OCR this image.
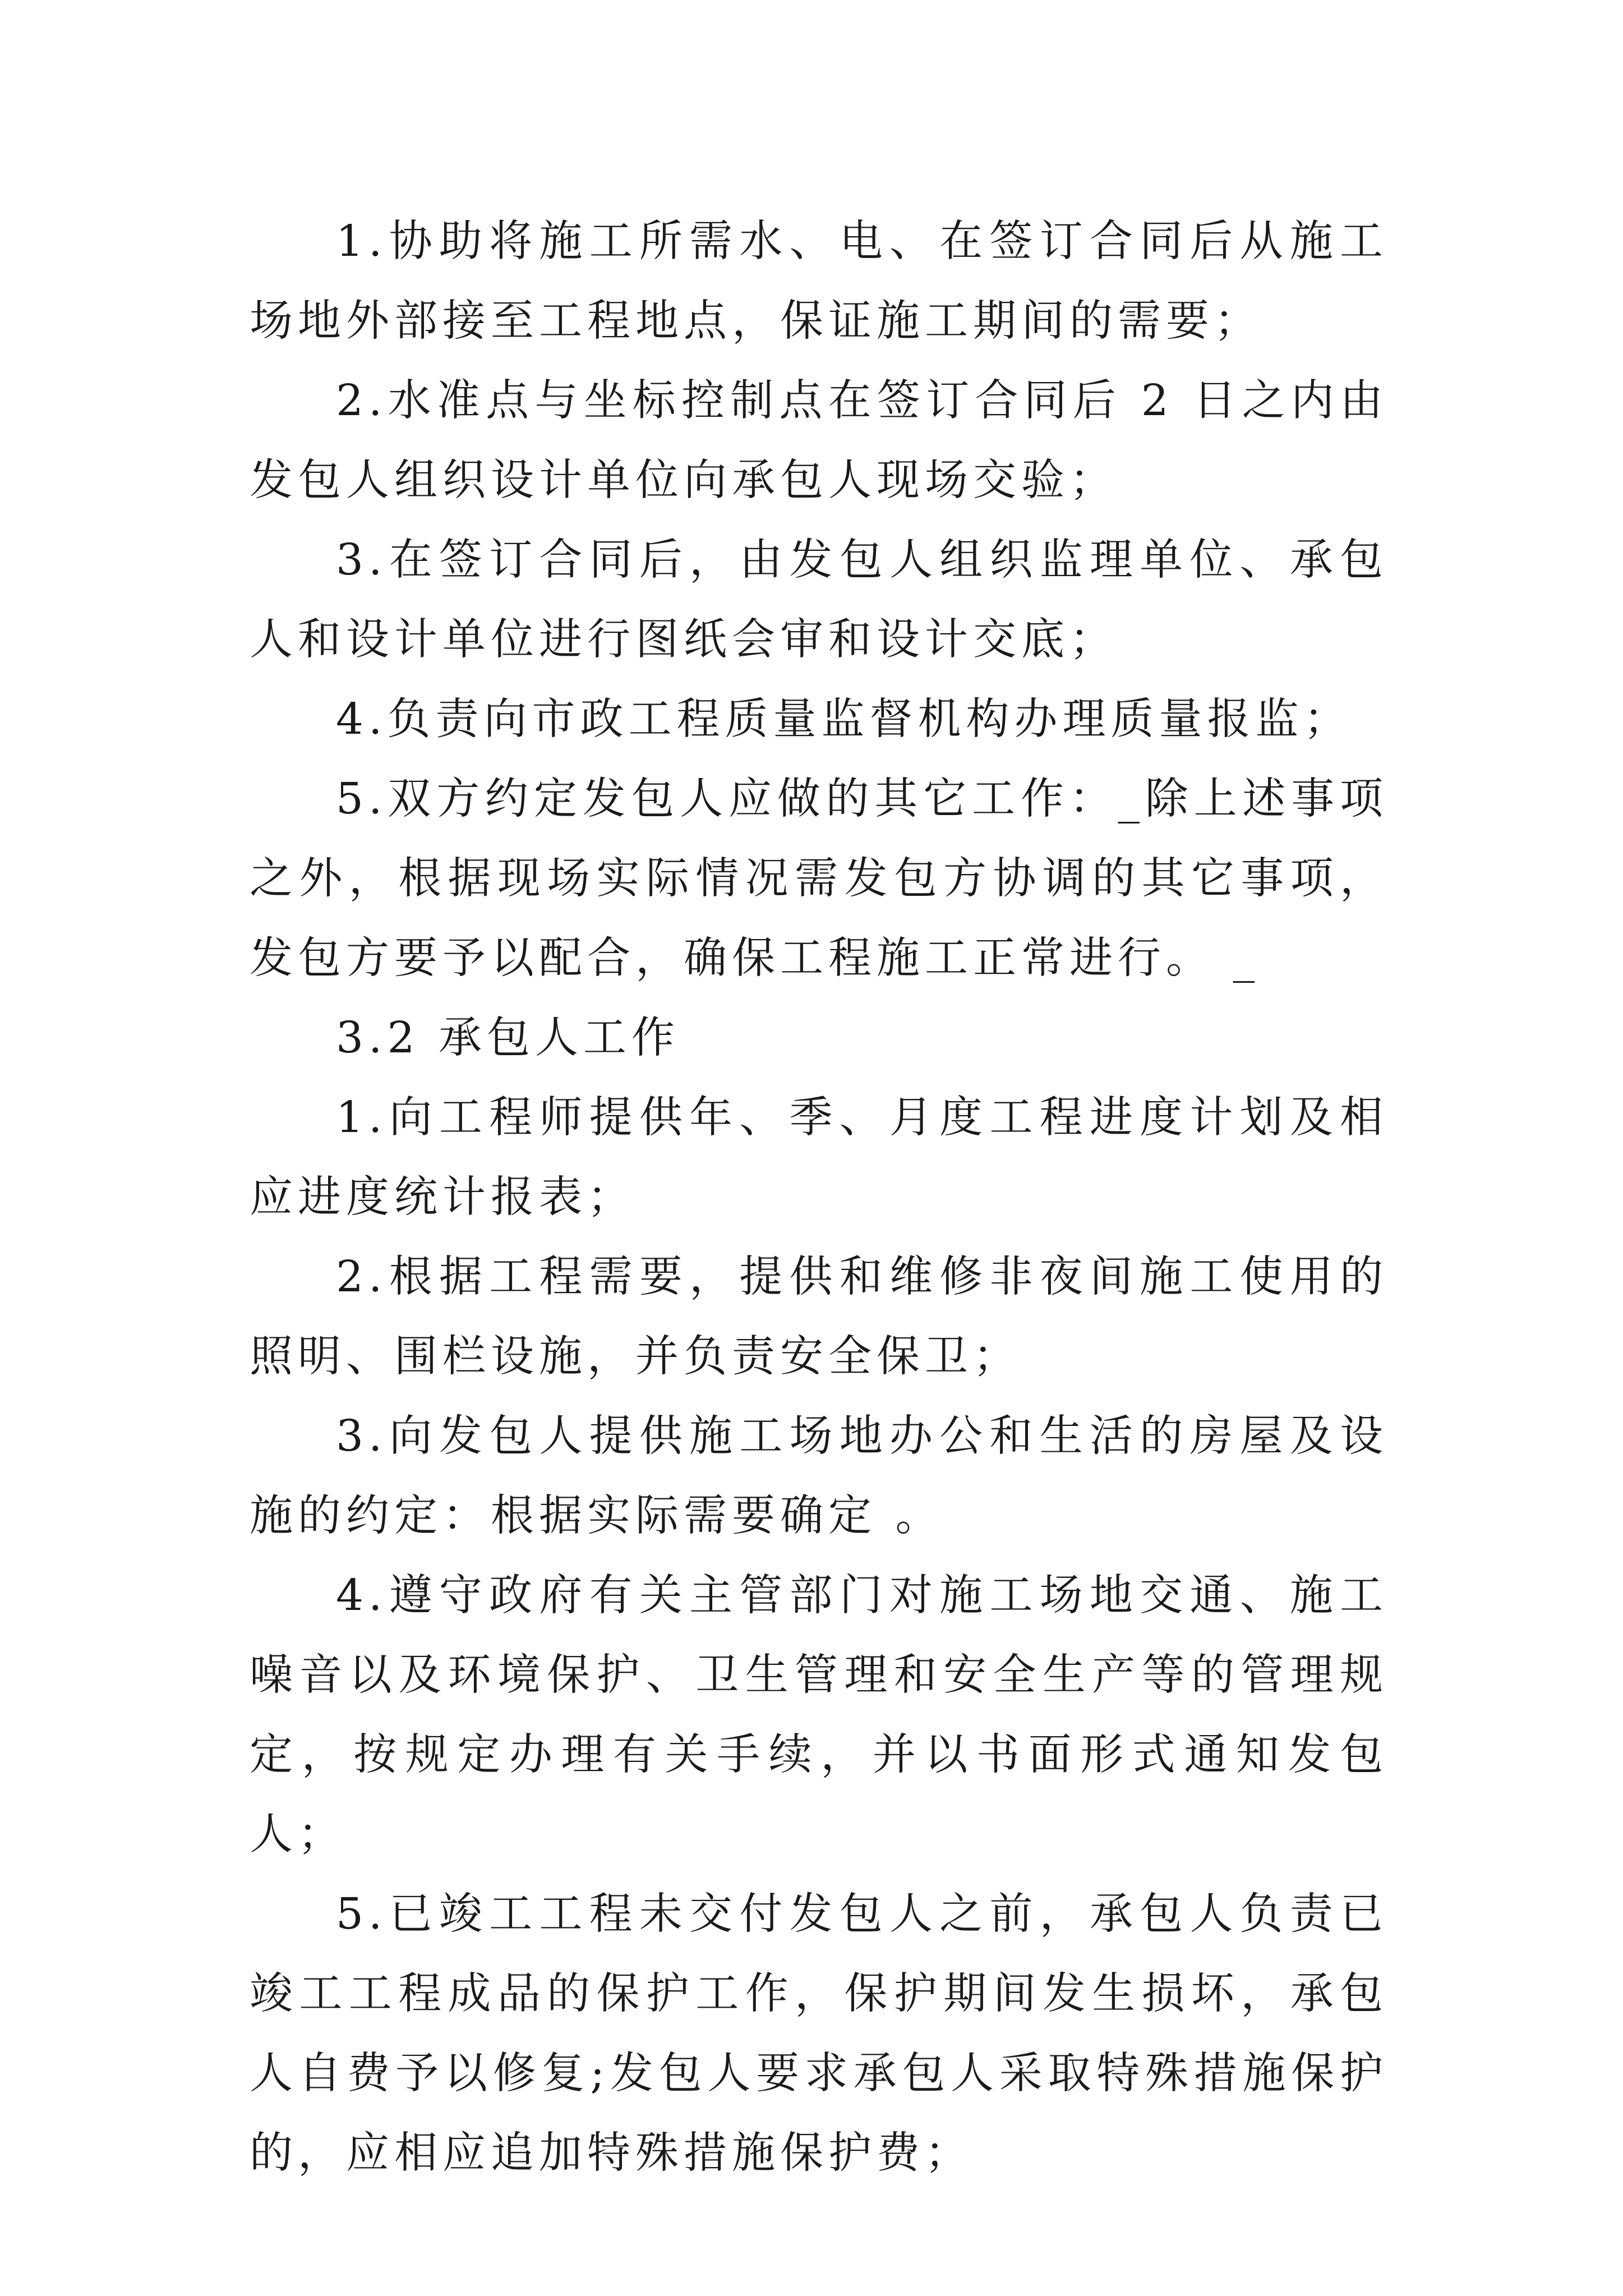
1.协助将施工所需水、电、在签订合同后从施工场地外部接至工程地点，保证施工期间的需要；

2.水准点与坐标控制点在签订合同后 2 日之内由发包人组织设计单位向承包人现场交验；

3.在签订合同后，由发包人组织监理单位、承包人和设计单位进行图纸会审和设计交底；

4.负责向市政工程质量监督机构办理质量报监；

5.双方约定发包人应做的其它工作：_除上述事项之外，根据现场实际情况需发包方协调的其它事项，发包方要予以配合，确保工程施工正常进行。 _

3.2 承包人工作

1.向工程师提供年、季、月度工程进度计划及相应进度统计报表；

2.根据工程需要，提供和维修非夜间施工使用的照明、围栏设施，并负责安全保卫；

3.向发包人提供施工场地办公和生活的房屋及设施的约定：根据实际需要确定 。

4.遵守政府有关主管部门对施工场地交通、施工噪音以及环境保护、卫生管理和安全生产等的管理规定，按规定办理有关手续，并以书面形式通知发包人；

5.已竣工工程未交付发包人之前，承包人负责已竣工工程成品的保护工作，保护期间发生损坏，承包人自费予以修复;发包人要求承包人采取特殊措施保护的，应相应追加特殊措施保护费；
